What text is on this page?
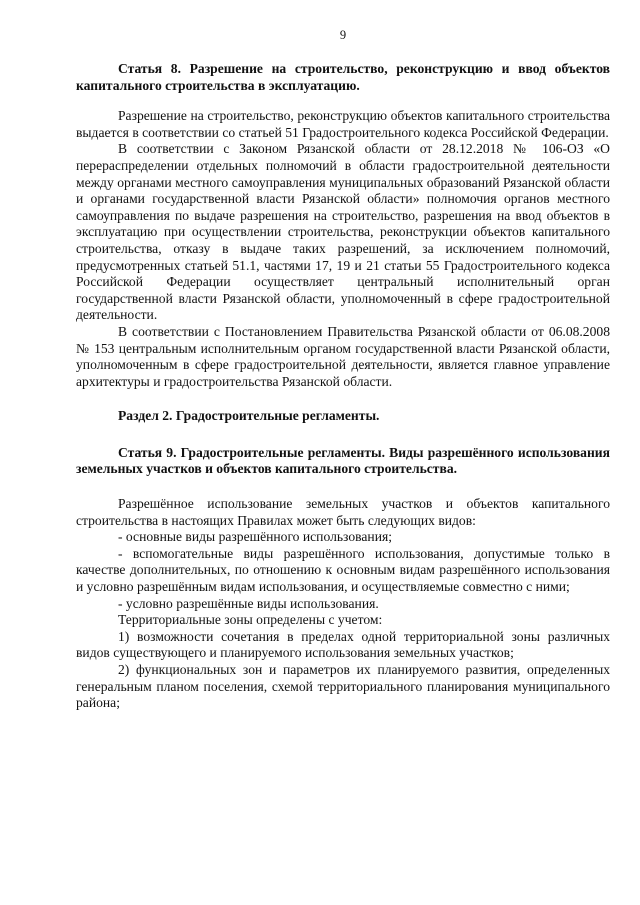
9

Статья 8. Разрешение на строительство, реконструкцию и ввод объектов капитального строительства в эксплуатацию.

Разрешение на строительство, реконструкцию объектов капитального строительства выдается в соответствии со статьей 51 Градостроительного кодекса Российской Федерации.

В соответствии с Законом Рязанской области от 28.12.2018 № 106-ОЗ «О перераспределении отдельных полномочий в области градостроительной деятельности между органами местного самоуправления муниципальных образований Рязанской области и органами государственной власти Рязанской области» полномочия органов местного самоуправления по выдаче разрешения на строительство, разрешения на ввод объектов в эксплуатацию при осуществлении строительства, реконструкции объектов капитального строительства, отказу в выдаче таких разрешений, за исключением полномочий, предусмотренных статьей 51.1, частями 17, 19 и 21 статьи 55 Градостроительного кодекса Российской Федерации осуществляет центральный исполнительный орган государственной власти Рязанской области, уполномоченный в сфере градостроительной деятельности.

В соответствии с Постановлением Правительства Рязанской области от 06.08.2008 № 153 центральным исполнительным органом государственной власти Рязанской области, уполномоченным в сфере градостроительной деятельности, является главное управление архитектуры и градостроительства Рязанской области.

Раздел 2. Градостроительные регламенты.

Статья 9. Градостроительные регламенты. Виды разрешённого использования земельных участков и объектов капитального строительства.

Разрешённое использование земельных участков и объектов капитального строительства в настоящих Правилах может быть следующих видов:

- основные виды разрешённого использования;

- вспомогательные виды разрешённого использования, допустимые только в качестве дополнительных, по отношению к основным видам разрешённого использования и условно разрешённым видам использования, и осуществляемые совместно с ними;

- условно разрешённые виды использования.

Территориальные зоны определены с учетом:

1) возможности сочетания в пределах одной территориальной зоны различных видов существующего и планируемого использования земельных участков;

2) функциональных зон и параметров их планируемого развития, определенных генеральным планом поселения, схемой территориального планирования муниципального района;
